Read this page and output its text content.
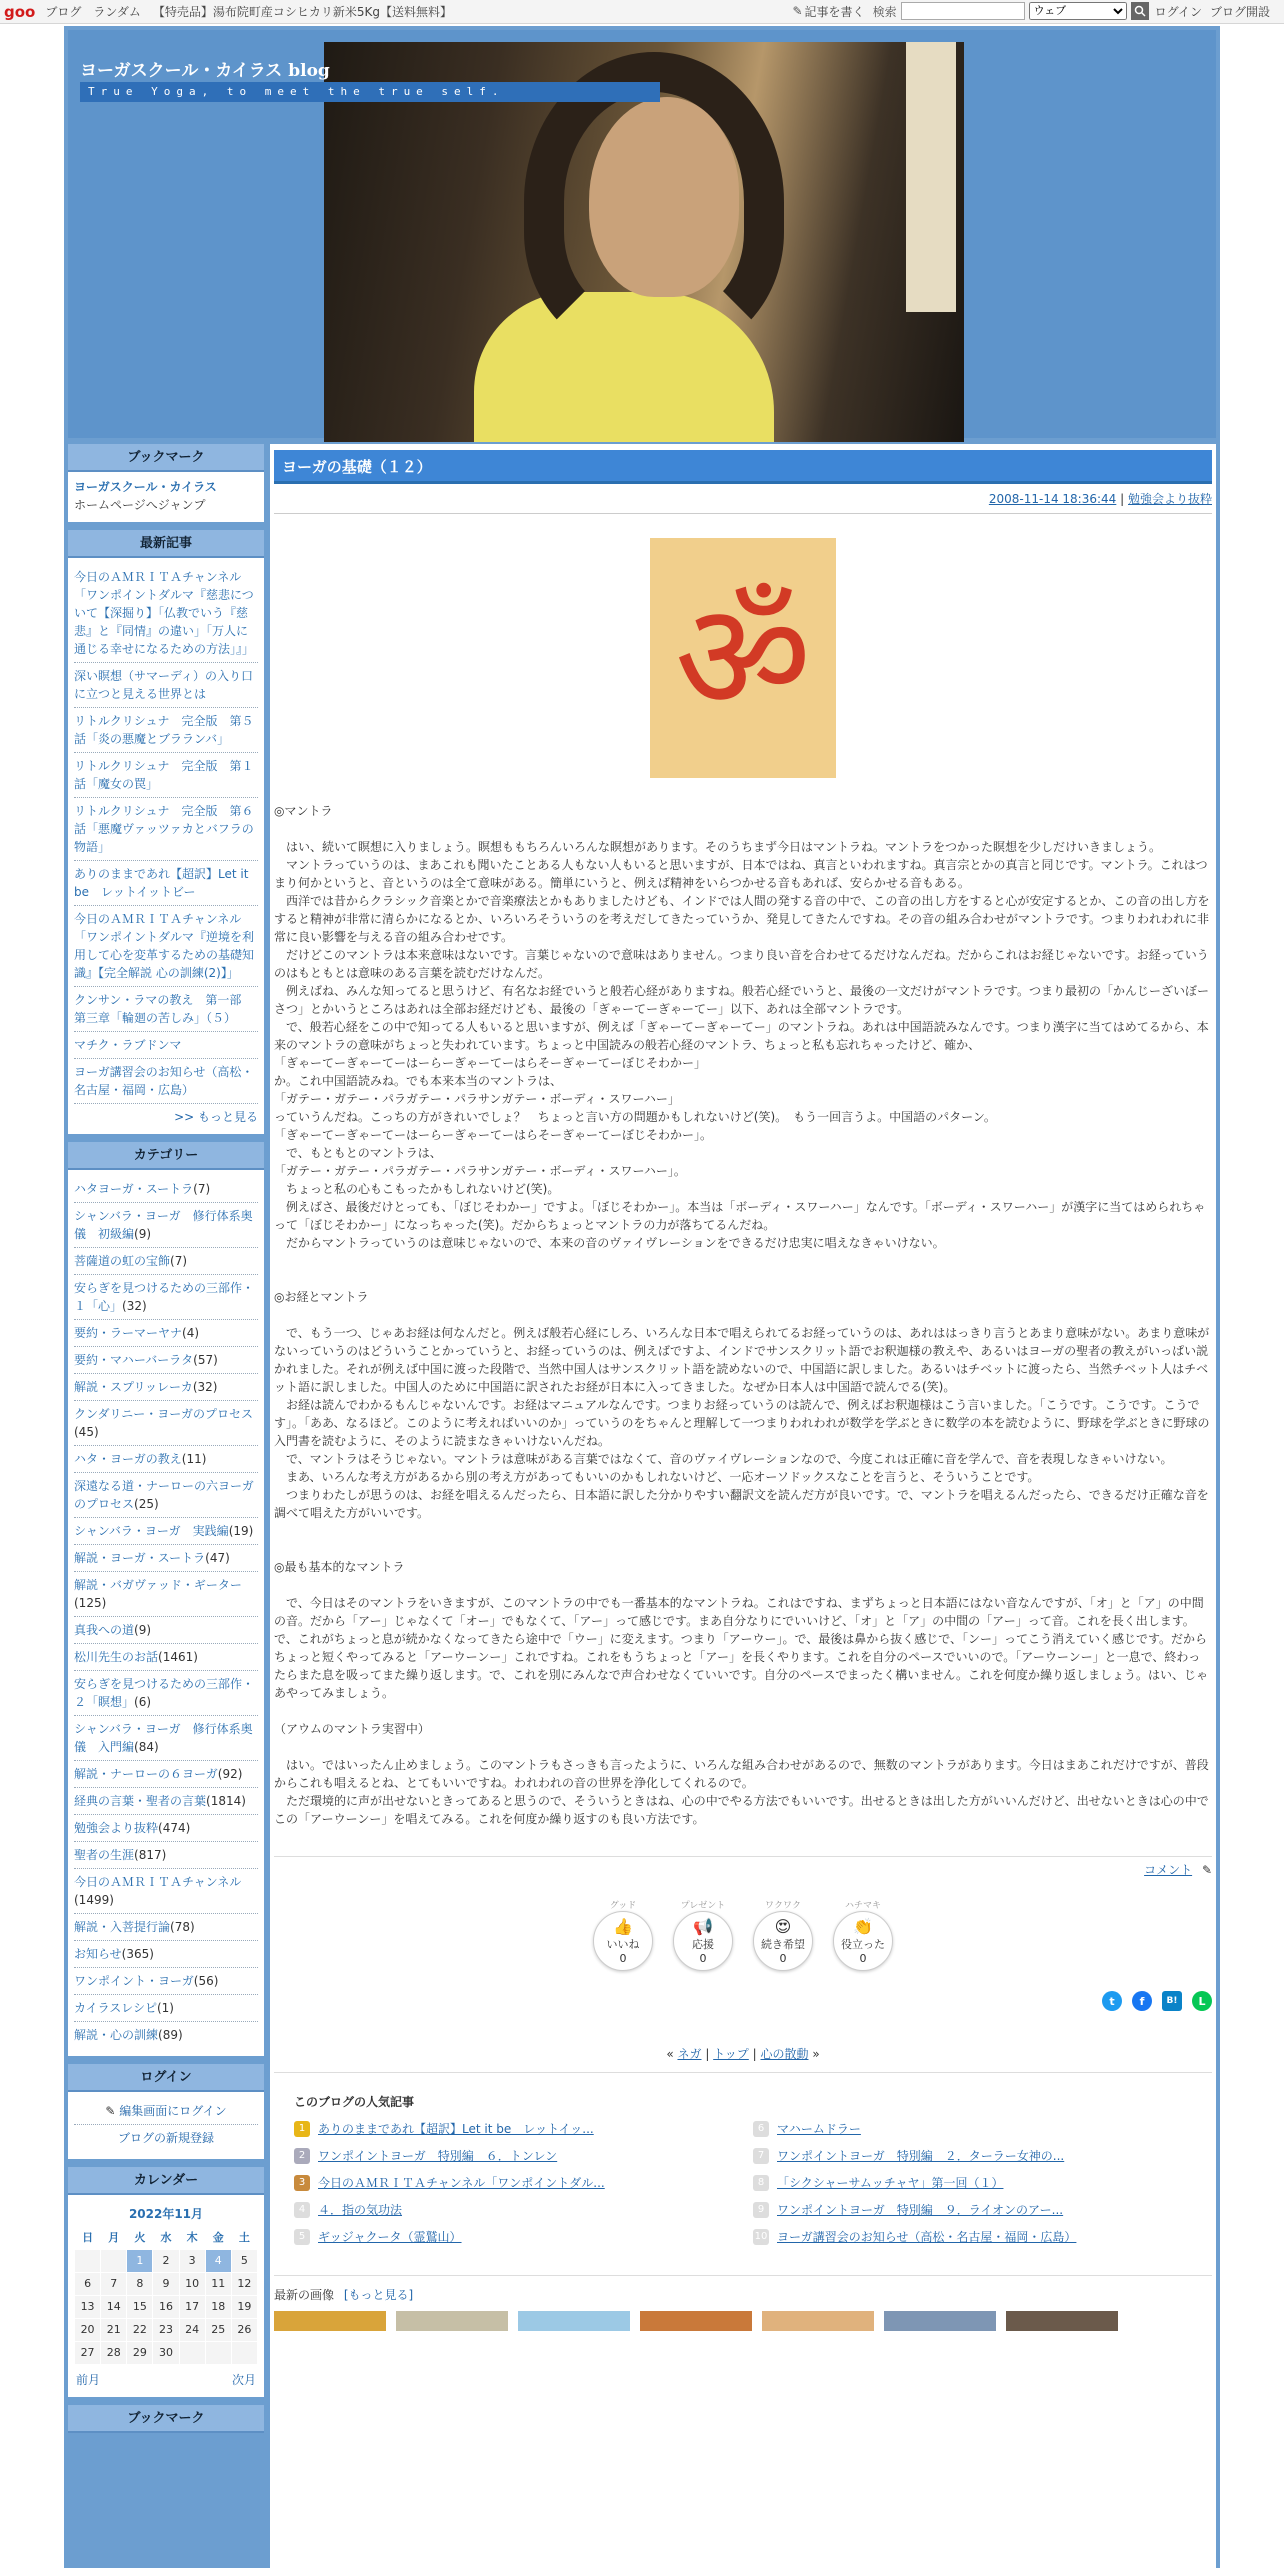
goo ブログ ランダム 【特売品】湯布院町産コシヒカリ新米5Kg【送料無料】	✎ 記事を書く 検索
ウェブ	ログイン ブログ開設
ヨーガスクール・カイラス blog
True Yoga, to meet the true self.
ブックマーク
ヨーガスクール・カイラス
ホームページへジャンプ
最新記事
今日のＡＭＲＩＴＡチャンネル「ワンポイントダルマ『慈悲について【深掘り】「仏教でいう『慈悲』と『同情』の違い」「万人に通じる幸せになるための方法」』」
深い瞑想（サマーディ）の入り口に立つと見える世界とは
リトルクリシュナ　完全版　第５話「炎の悪魔とブラランバ」
リトルクリシュナ　完全版　第１話「魔女の罠」
リトルクリシュナ　完全版　第６話「悪魔ヴァッツァカとバフラの物語」
ありのままであれ【超訳】Let it be　レットイットビー
今日のＡＭＲＩＴＡチャンネル「ワンポイントダルマ『逆境を利用して心を変革するための基礎知識』【完全解説 心の訓練(2)】」
クンサン・ラマの教え　第一部　第三章「輪廻の苦しみ」（５）
マチク・ラブドンマ
ヨーガ講習会のお知らせ（高松・名古屋・福岡・広島）
>> もっと見る
カテゴリー
ハタヨーガ・スートラ(7)
シャンバラ・ヨーガ　修行体系奥儀　初級編(9)
菩薩道の虹の宝飾(7)
安らぎを見つけるための三部作・１「心」(32)
要約・ラーマーヤナ(4)
要約・マハーバーラタ(57)
解説・スプリッレーカ(32)
クンダリニー・ヨーガのプロセス(45)
ハタ・ヨーガの教え(11)
深遠なる道・ナーローの六ヨーガのプロセス(25)
シャンバラ・ヨーガ　実践編(19)
解説・ヨーガ・スートラ(47)
解説・バガヴァッド・ギーター(125)
真我への道(9)
松川先生のお話(1461)
安らぎを見つけるための三部作・２「瞑想」(6)
シャンバラ・ヨーガ　修行体系奥儀　入門編(84)
解説・ナーローの６ヨーガ(92)
経典の言葉・聖者の言葉(1814)
勉強会より抜粋(474)
聖者の生涯(817)
今日のＡＭＲＩＴＡチャンネル(1499)
解説・入菩提行論(78)
お知らせ(365)
ワンポイント・ヨーガ(56)
カイラスレシピ(1)
解説・心の訓練(89)
ログイン
✎ 編集画面にログイン
ブログの新規登録
カレンダー
2022年11月
日	月	火	水	木	金	土
		1	2	3	4	5
6	7	8	9	10	11	12
13	14	15	16	17	18	19
20	21	22	23	24	25	26
27	28	29	30			
前月	次月
ブックマーク
ヨーガの基礎（１２）
2008-11-14 18:36:44 | 勉強会より抜粋
ॐ

◎マントラ

　はい、続いて瞑想に入りましょう。瞑想ももちろんいろんな瞑想があります。そのうちまず今日はマントラね。マントラをつかった瞑想を少しだけいきましょう。

　マントラっていうのは、まあこれも聞いたことある人もない人もいると思いますが、日本ではね、真言といわれますね。真言宗とかの真言と同じです。マントラ。これはつまり何かというと、音というのは全て意味がある。簡単にいうと、例えば精神をいらつかせる音もあれば、安らかせる音もある。

　西洋では昔からクラシック音楽とかで音楽療法とかもありましたけども、インドでは人間の発する音の中で、この音の出し方をすると心が安定するとか、この音の出し方をすると精神が非常に清らかになるとか、いろいろそういうのを考えだしてきたっていうか、発見してきたんですね。その音の組み合わせがマントラです。つまりわれわれに非常に良い影響を与える音の組み合わせです。

　だけどこのマントラは本来意味はないです。言葉じゃないので意味はありません。つまり良い音を合わせてるだけなんだね。だからこれはお経じゃないです。お経っていうのはもともとは意味のある言葉を読むだけなんだ。

　例えばね、みんな知ってると思うけど、有名なお経でいうと般若心経がありますね。般若心経でいうと、最後の一文だけがマントラです。つまり最初の「かんじーざいぼーさつ」とかいうところはあれは全部お経だけども、最後の「ぎゃーてーぎゃーてー」以下、あれは全部マントラです。

　で、般若心経をこの中で知ってる人もいると思いますが、例えば「ぎゃーてーぎゃーてー」のマントラね。あれは中国語読みなんです。つまり漢字に当てはめてるから、本来のマントラの意味がちょっと失われています。ちょっと中国読みの般若心経のマントラ、ちょっと私も忘れちゃったけど、確か、

「ぎゃーてーぎゃーてーはーらーぎゃーてーはらそーぎゃーてーぼじそわかー」

か。これ中国語読みね。でも本来本当のマントラは、

「ガテー・ガテー・パラガテー・パラサンガテー・ボーディ・スワーハー」

っていうんだね。こっちの方がきれいでしょ？　ちょっと言い方の問題かもしれないけど(笑)。　もう一回言うよ。中国語のパターン。

「ぎゃーてーぎゃーてーはーらーぎゃーてーはらそーぎゃーてーぼじそわかー」。

　で、もともとのマントラは、

「ガテー・ガテー・パラガテー・パラサンガテー・ボーディ・スワーハー」。

　ちょっと私の心もこもったかもしれないけど(笑)。

　例えばさ、最後だけとっても、「ぼじそわかー」ですよ。「ぼじそわかー」。本当は「ボーディ・スワーハー」なんです。「ボーディ・スワーハー」が漢字に当てはめられちゃって「ぼじそわかー」になっちゃった(笑)。だからちょっとマントラの力が落ちてるんだね。

　だからマントラっていうのは意味じゃないので、本来の音のヴァイヴレーションをできるだけ忠実に唱えなきゃいけない。

◎お経とマントラ

　で、もう一つ、じゃあお経は何なんだと。例えば般若心経にしろ、いろんな日本で唱えられてるお経っていうのは、あれははっきり言うとあまり意味がない。あまり意味がないっていうのはどういうことかっていうと、お経っていうのは、例えばですよ、インドでサンスクリット語でお釈迦様の教えや、あるいはヨーガの聖者の教えがいっぱい説かれました。それが例えば中国に渡った段階で、当然中国人はサンスクリット語を読めないので、中国語に訳しました。あるいはチベットに渡ったら、当然チベット人はチベット語に訳しました。中国人のために中国語に訳されたお経が日本に入ってきました。なぜか日本人は中国語で読んでる(笑)。

　お経は読んでわかるもんじゃないんです。お経はマニュアルなんです。つまりお経っていうのは読んで、例えばお釈迦様はこう言いました。「こうです。こうです。こうです」。「ああ、なるほど。このように考えればいいのか」っていうのをちゃんと理解して一つまりわれわれが数学を学ぶときに数学の本を読むように、野球を学ぶときに野球の入門書を読むように、そのように読まなきゃいけないんだね。

　で、マントラはそうじゃない。マントラは意味がある言葉ではなくて、音のヴァイヴレーションなので、今度これは正確に音を学んで、音を表現しなきゃいけない。

　まあ、いろんな考え方があるから別の考え方があってもいいのかもしれないけど、一応オーソドックスなことを言うと、そういうことです。

　つまりわたしが思うのは、お経を唱えるんだったら、日本語に訳した分かりやすい翻訳文を読んだ方が良いです。で、マントラを唱えるんだったら、できるだけ正確な音を調べて唱えた方がいいです。

◎最も基本的なマントラ

　で、今日はそのマントラをいきますが、このマントラの中でも一番基本的なマントラね。これはですね、まずちょっと日本語にはない音なんですが、「オ」と「ア」の中間の音。だから「アー」じゃなくて「オー」でもなくて、「アー」って感じです。まあ自分なりにでいいけど、「オ」と「ア」の中間の「アー」って音。これを長く出します。で、これがちょっと息が続かなくなってきたら途中で「ウー」に変えます。つまり「アーウー」。で、最後は鼻から抜く感じで、「ンー」ってこう消えていく感じです。だからちょっと短くやってみると「アーウーンー」これですね。これをもうちょっと「アー」を長くやります。これを自分のペースでいいので。「アーウーンー」と一息で、終わったらまた息を吸ってまた繰り返します。で、これを別にみんなで声合わせなくていいです。自分のペースでまったく構いません。これを何度か繰り返しましょう。はい、じゃあやってみましょう。

（アウムのマントラ実習中）

　はい。ではいったん止めましょう。このマントラもさっきも言ったように、いろんな組み合わせがあるので、無数のマントラがあります。今日はまあこれだけですが、普段からこれも唱えるとね、とてもいいですね。われわれの音の世界を浄化してくれるので。

　ただ環境的に声が出せないときってあると思うので、そういうときはね、心の中でやる方法でもいいです。出せるときは出した方がいいんだけど、出せないときは心の中でこの「アーウーンー」を唱えてみる。これを何度か繰り返すのも良い方法です。

コメント ✎
グッド
👍
いいね
0
プレゼント
📢
応援
0
ワクワク
😍
続き希望
0
ハチマキ
👏
役立った
0
t	f	B!	L
« ネガ | トップ | 心の散動 »
このブログの人気記事
1	ありのままであれ【超訳】Let it be　レットイッ...	6	マハームドラー
2	ワンポイントヨーガ　特別編　６．トンレン	7	ワンポイントヨーガ　特別編　２．ターラー女神の...
3	今日のＡＭＲＩＴＡチャンネル「ワンポイントダル...	8	「シクシャーサムッチャヤ」第一回（１）
4	４．指の気功法	9	ワンポイントヨーガ　特別編　９．ライオンのアー...
5	ギッジャクータ（霊鷲山）	10 ヨーガ講習会のお知らせ（高松・名古屋・福岡・広島）
最新の画像 [もっと見る]
